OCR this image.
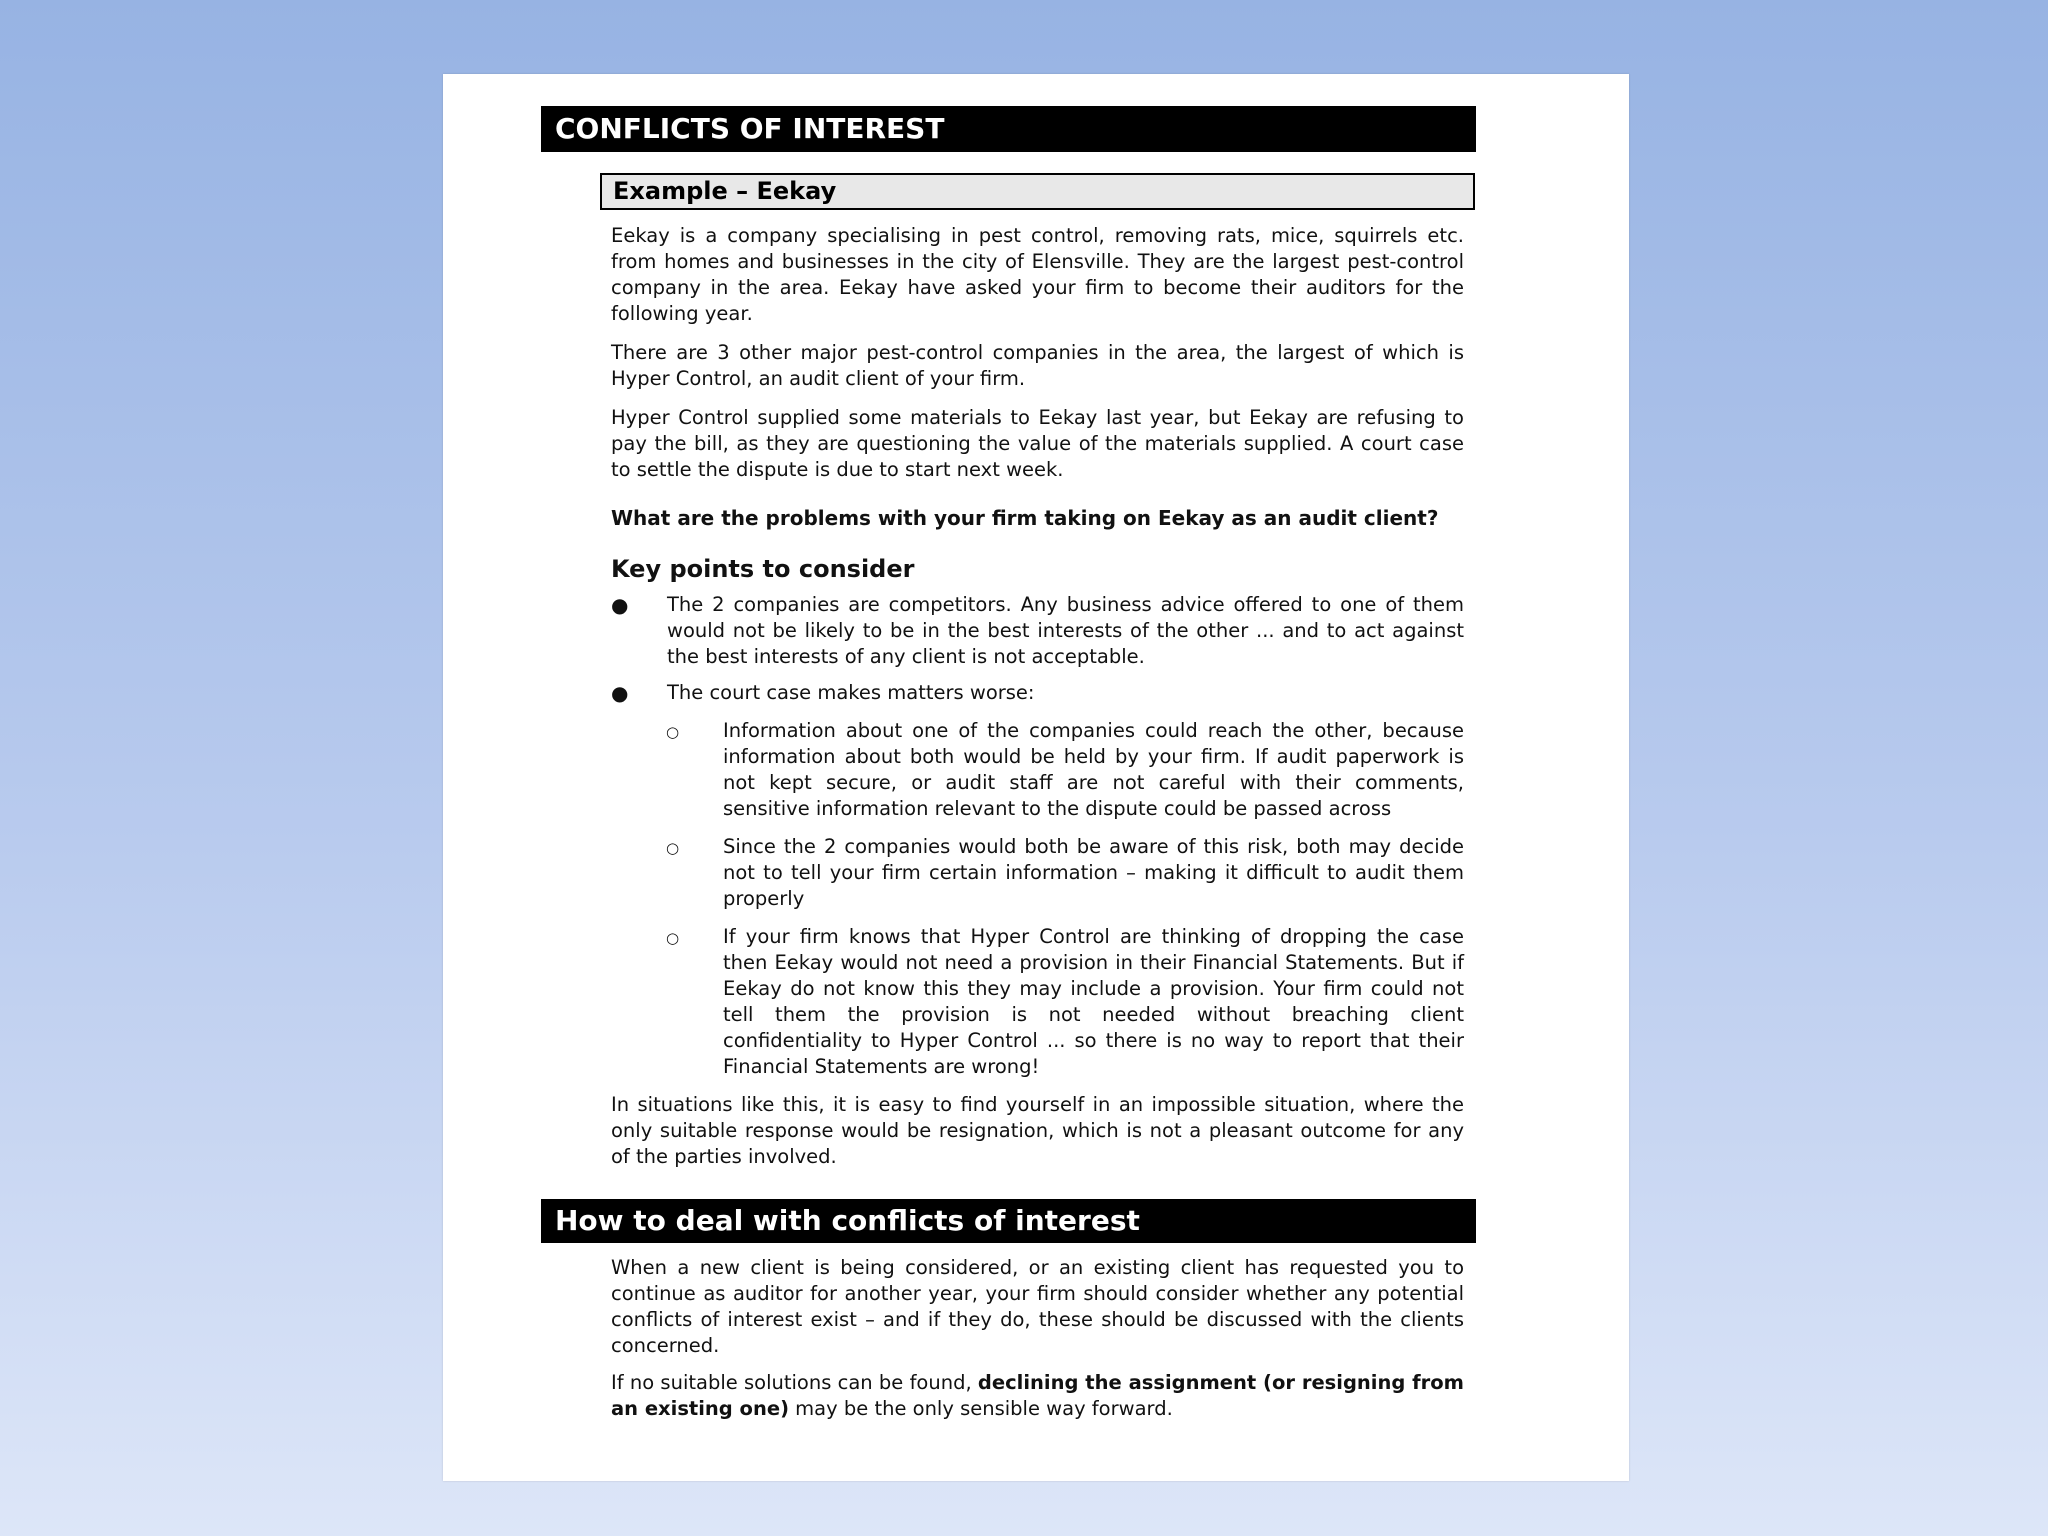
CONFLICTS OF INTEREST
Example – Eekay

Eekay is a company specialising in pest control, removing rats, mice, squirrels etc. from homes and businesses in the city of Elensville. They are the largest pest-control company in the area. Eekay have asked your firm to become their auditors for the following year.

There are 3 other major pest-control companies in the area, the largest of which is Hyper Control, an audit client of your firm.

Hyper Control supplied some materials to Eekay last year, but Eekay are refusing to pay the bill, as they are questioning the value of the materials supplied. A court case to settle the dispute is due to start next week.

What are the problems with your firm taking on Eekay as an audit client?

Key points to consider
● The 2 companies are competitors. Any business advice offered to one of them would not be likely to be in the best interests of the other ... and to act against the best interests of any client is not acceptable.

● The court case makes matters worse:

○ Information about one of the companies could reach the other, because information about both would be held by your firm. If audit paperwork is not kept secure, or audit staff are not careful with their comments, sensitive information relevant to the dispute could be passed across

○ Since the 2 companies would both be aware of this risk, both may decide not to tell your firm certain information – making it difficult to audit them properly

○ If your firm knows that Hyper Control are thinking of dropping the case then Eekay would not need a provision in their Financial Statements. But if Eekay do not know this they may include a provision. Your firm could not tell them the provision is not needed without breaching client confidentiality to Hyper Control ... so there is no way to report that their Financial Statements are wrong!

In situations like this, it is easy to find yourself in an impossible situation, where the only suitable response would be resignation, which is not a pleasant outcome for any of the parties involved.

How to deal with conflicts of interest

When a new client is being considered, or an existing client has requested you to continue as auditor for another year, your firm should consider whether any potential conflicts of interest exist – and if they do, these should be discussed with the clients concerned.

If no suitable solutions can be found, declining the assignment (or resigning from an existing one) may be the only sensible way forward.
